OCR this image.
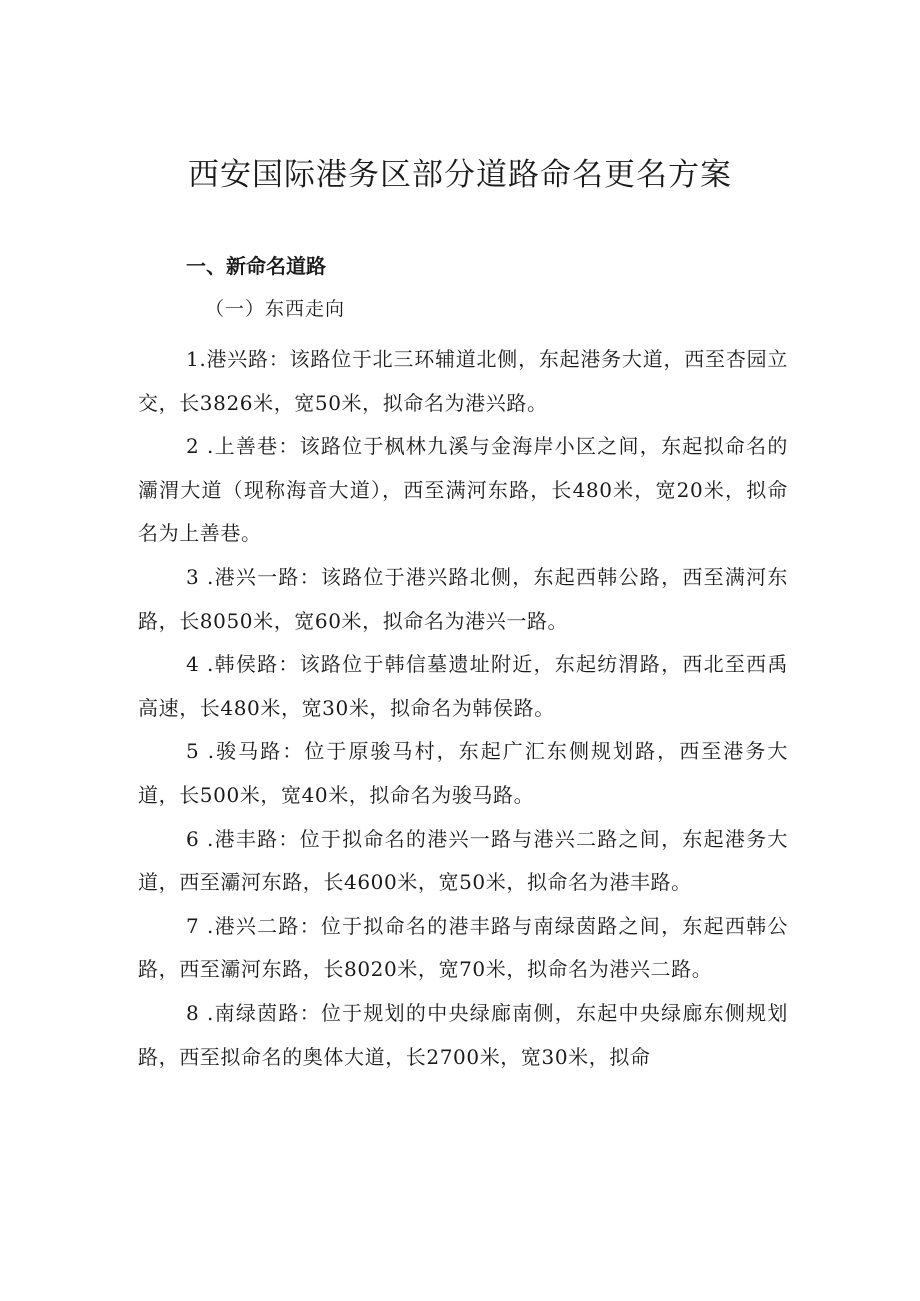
西安国际港务区部分道路命名更名方案
一、新命名道路
（一）东西走向

1.港兴路：该路位于北三环辅道北侧，东起港务大道，西至杏园立交，长3826米，宽50米，拟命名为港兴路。

2 .上善巷：该路位于枫林九溪与金海岸小区之间，东起拟命名的灞渭大道（现称海音大道），西至满河东路，长480米，宽20米，拟命名为上善巷。

3 .港兴一路：该路位于港兴路北侧，东起西韩公路，西至满河东路，长8050米，宽60米，拟命名为港兴一路。

4 .韩侯路：该路位于韩信墓遗址附近，东起纺渭路，西北至西禹高速，长480米，宽30米，拟命名为韩侯路。

5 .骏马路：位于原骏马村，东起广汇东侧规划路，西至港务大道，长500米，宽40米，拟命名为骏马路。

6 .港丰路：位于拟命名的港兴一路与港兴二路之间，东起港务大道，西至灞河东路，长4600米，宽50米，拟命名为港丰路。

7 .港兴二路：位于拟命名的港丰路与南绿茵路之间，东起西韩公路，西至灞河东路，长8020米，宽70米，拟命名为港兴二路。

8 .南绿茵路：位于规划的中央绿廊南侧，东起中央绿廊东侧规划路，西至拟命名的奥体大道，长2700米，宽30米，拟命
